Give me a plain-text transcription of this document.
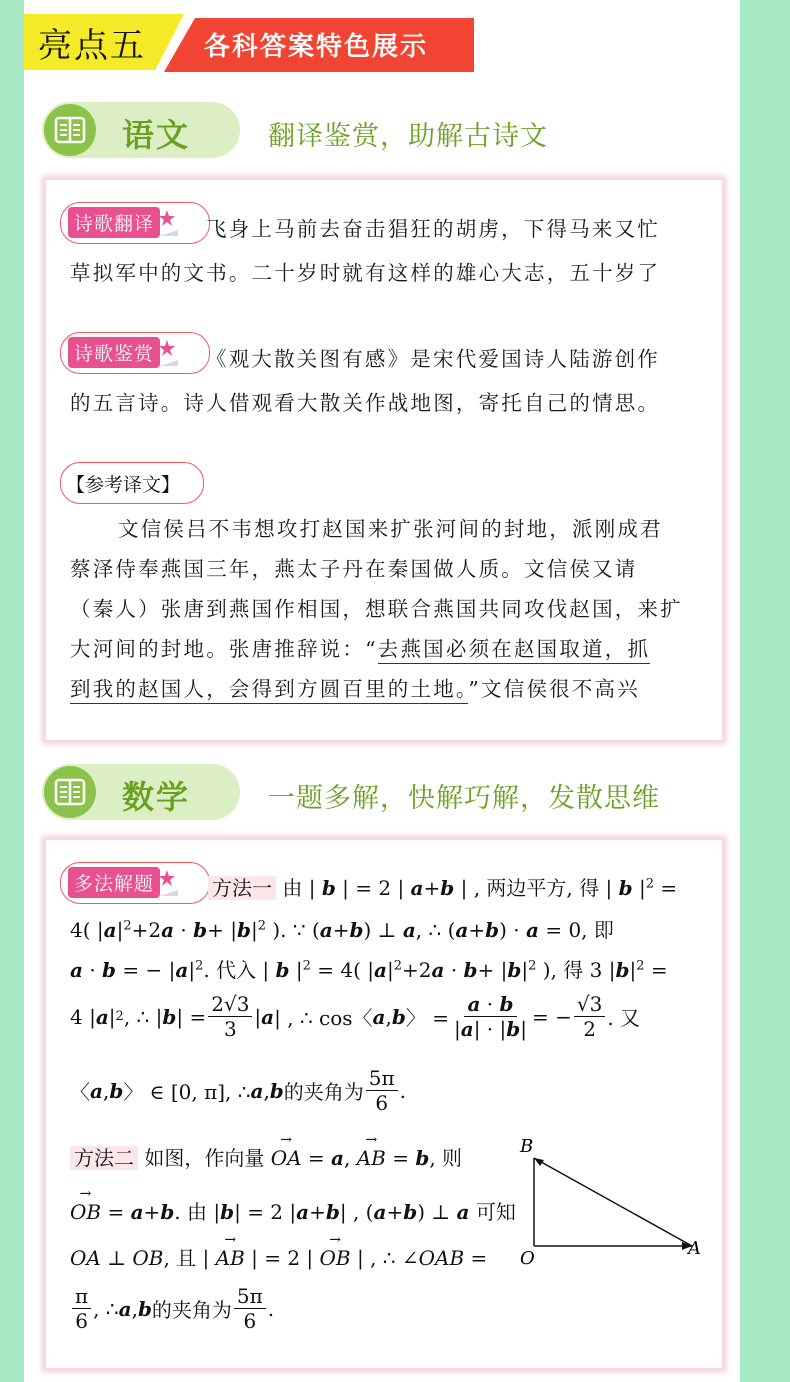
亮点五 各科答案特色展示
语文	翻译鉴赏，助解古诗文
诗歌翻译	飞身上马前去奋击猖狂的胡虏，下得马来又忙
草拟军中的文书。二十岁时就有这样的雄心大志，五十岁了
诗歌鉴赏	《观大散关图有感》是宋代爱国诗人陆游创作
的五言诗。诗人借观看大散关作战地图，寄托自己的情思。
【参考译文】
文信侯吕不韦想攻打赵国来扩张河间的封地，派刚成君
蔡泽侍奉燕国三年，燕太子丹在秦国做人质。文信侯又请
（秦人）张唐到燕国作相国，想联合燕国共同攻伐赵国，来扩
大河间的封地。张唐推辞说：“去燕国必须在赵国取道，抓
到我的赵国人，会得到方圆百里的土地。”文信侯很不高兴
数学	一题多解，快解巧解，发散思维
多法解题	方法一 由 | b | = 2 | a+b | , 两边平方, 得 | b $|^2$ =
4( $|a|^2+2a \cdot b+ |b|^2$ ). ∵ (a+b) ⊥ a, ∴ (a+b) · a = 0, 即
a · b = − $|a|^2$. 代入 | b $|^2 = 4$( $|a|^2+2a \cdot b+ |b|^2$ ), 得 3 $|b|^2$ =
4 | a | 2 , ∴ | b | = $\frac{2√3}{3}$ | a | , ∴ cos〈 a , b 〉 = $\frac{a \cdot b}{|a| \cdot |b|}$ = − $\frac{√3}{2}$ . 又
〈 a , b 〉 ∈ [0, π], ∴ a , b 的夹角为 $\frac{5\pi}{6}$ .
方法二 如图，作向量 → OA = a, → AB = b, 则
→ OB = a+b. 由 |b| = 2 |a+b| , (a+b) ⊥ a 可知
OA ⊥ OB, 且 | → AB | = 2 | → OB | , ∴ ∠OAB =
$\frac{\pi}{6}$ , ∴ a , b 的夹角为 $\frac{5\pi}{6}$ .
B
O	A
